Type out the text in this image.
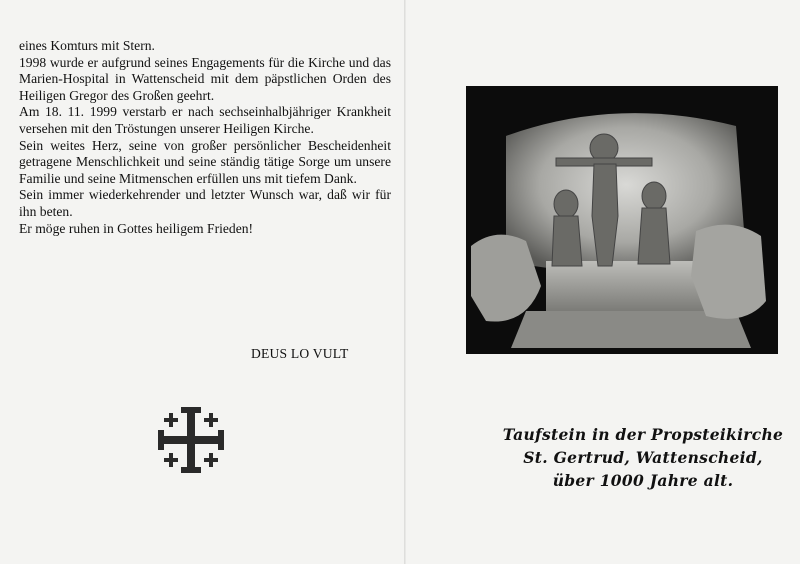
eines Komturs mit Stern.

1998 wurde er aufgrund seines Engagements für die Kirche und das Marien-Hospital in Wattenscheid mit dem päpstlichen Orden des Heiligen Gregor des Großen geehrt.

Am 18. 11. 1999 verstarb er nach sechseinhalbjähriger Krankheit versehen mit den Tröstungen unserer Heiligen Kirche.

Sein weites Herz, seine von großer persönlicher Bescheidenheit getragene Menschlichkeit und seine ständig tätige Sorge um unsere Familie und seine Mitmenschen erfüllen uns mit tiefem Dank.

Sein immer wiederkehrender und letzter Wunsch war, daß wir für ihn beten.

Er möge ruhen in Gottes heiligem Frieden!

DEUS LO VULT
Taufstein in der Propsteikirche
St. Gertrud, Wattenscheid,
über 1000 Jahre alt.
